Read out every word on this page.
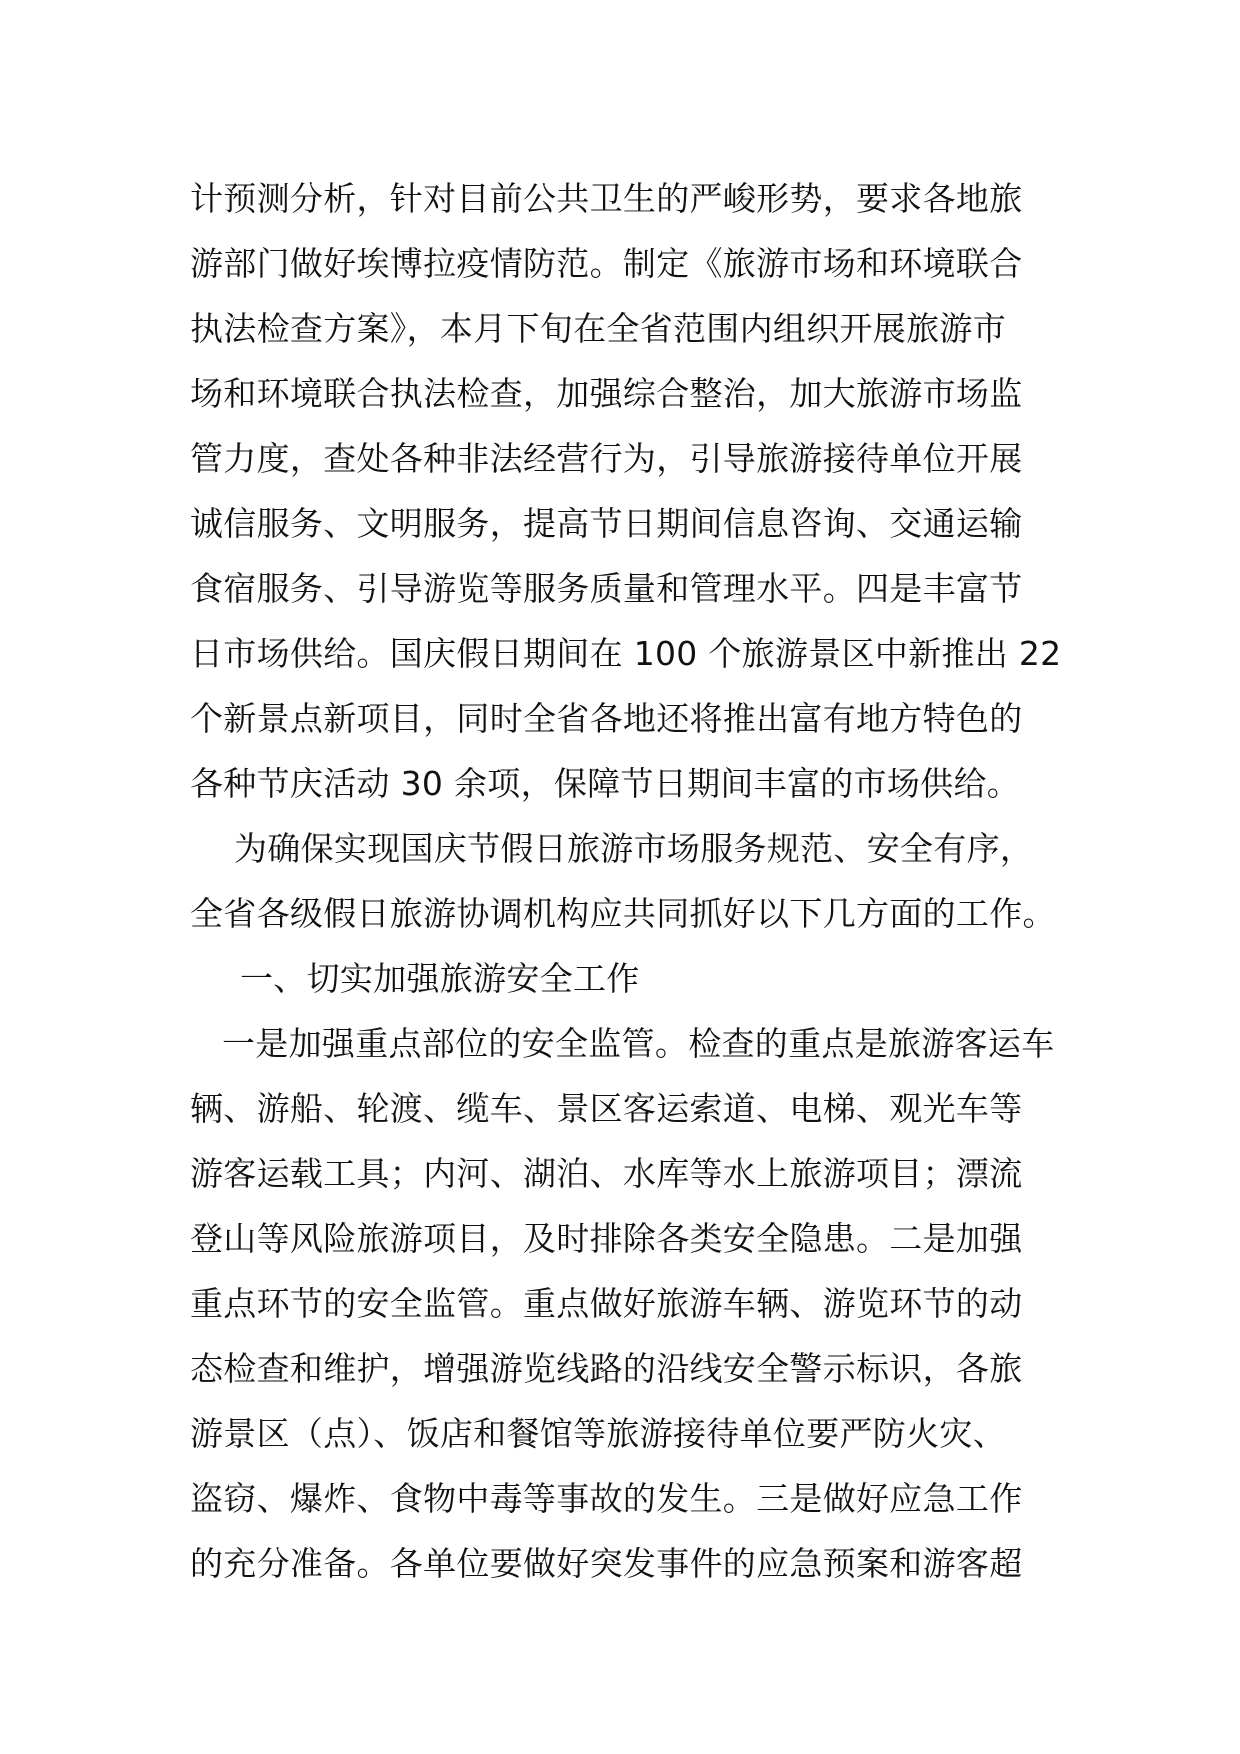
计预测分析，针对目前公共卫生的严峻形势，要求各地旅
游部门做好埃博拉疫情防范。制定《旅游市场和环境联合
执法检查方案》，本月下旬在全省范围内组织开展旅游市
场和环境联合执法检查，加强综合整治，加大旅游市场监
管力度，查处各种非法经营行为，引导旅游接待单位开展
诚信服务、文明服务，提高节日期间信息咨询、交通运输
食宿服务、引导游览等服务质量和管理水平。四是丰富节
日市场供给。国庆假日期间在 100 个旅游景区中新推出 22
个新景点新项目，同时全省各地还将推出富有地方特色的
各种节庆活动 30 余项，保障节日期间丰富的市场供给。
为确保实现国庆节假日旅游市场服务规范、安全有序，
全省各级假日旅游协调机构应共同抓好以下几方面的工作。
一、切实加强旅游安全工作
一是加强重点部位的安全监管。检查的重点是旅游客运车
辆、游船、轮渡、缆车、景区客运索道、电梯、观光车等
游客运载工具；内河、湖泊、水库等水上旅游项目；漂流
登山等风险旅游项目，及时排除各类安全隐患。二是加强
重点环节的安全监管。重点做好旅游车辆、游览环节的动
态检查和维护，增强游览线路的沿线安全警示标识，各旅
游景区（点）、饭店和餐馆等旅游接待单位要严防火灾、
盗窃、爆炸、食物中毒等事故的发生。三是做好应急工作
的充分准备。各单位要做好突发事件的应急预案和游客超
